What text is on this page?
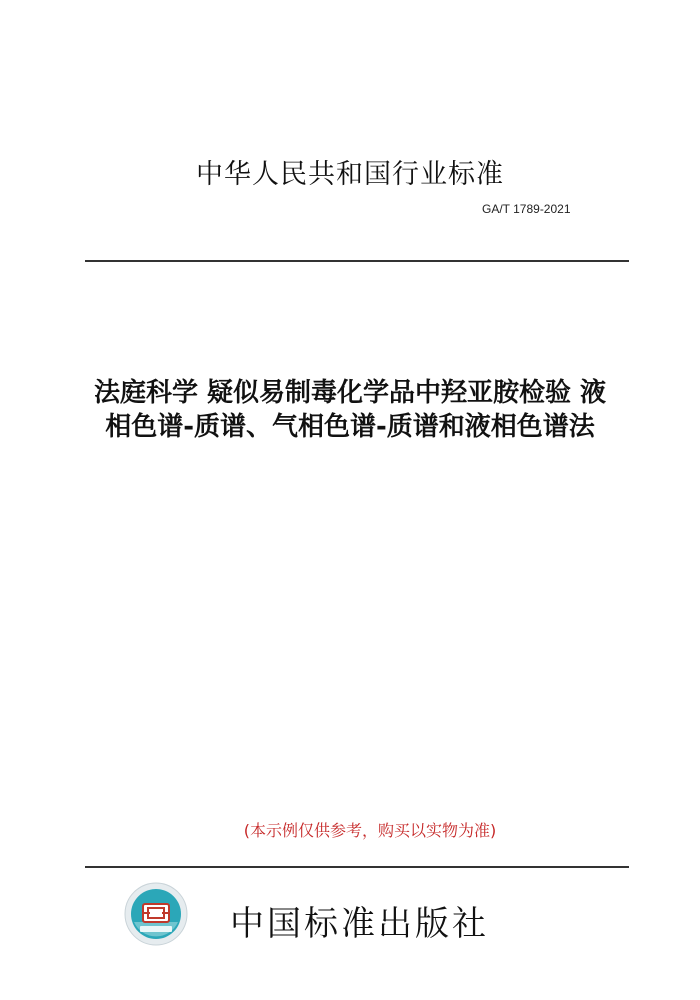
中华人民共和国行业标准
GA/T 1789-2021
法庭科学 疑似易制毒化学品中羟亚胺检验 液
相色谱-质谱、气相色谱-质谱和液相色谱法
(本示例仅供参考，购买以实物为准)
中国标准出版社
